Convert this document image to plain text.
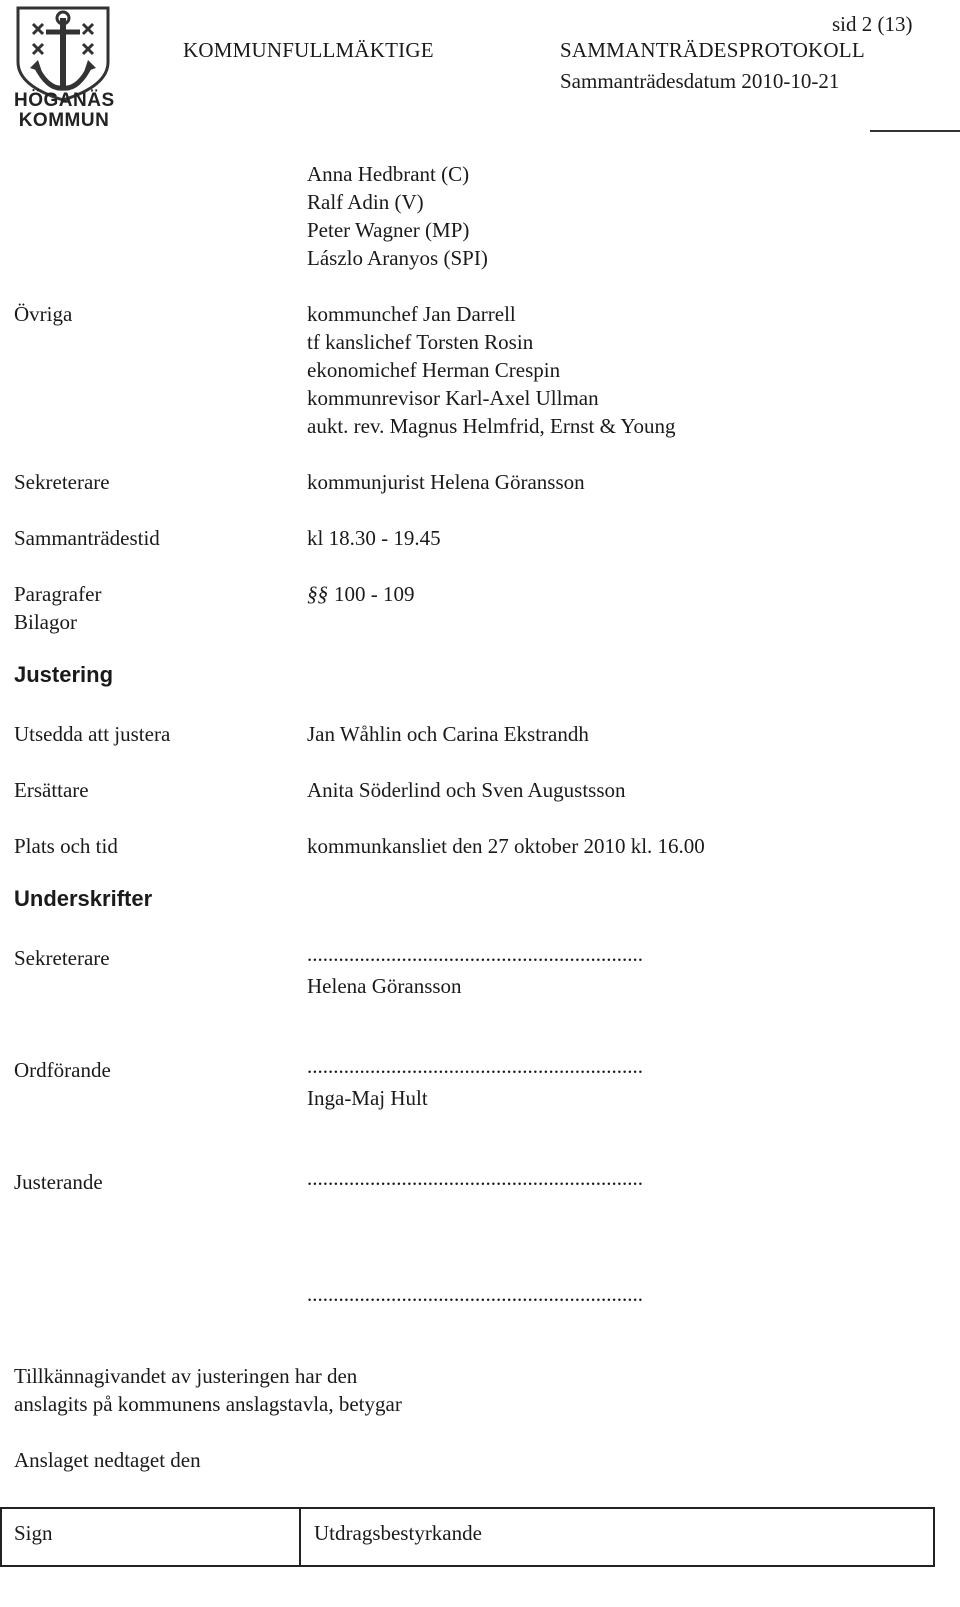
HÖGANÄS
KOMMUN
sid 2 (13)
KOMMUNFULLMÄKTIGE	SAMMANTRÄDESPROTOKOLL
Sammanträdesdatum 2010-10-21
Anna Hedbrant (C)
Ralf Adin (V)
Peter Wagner (MP)
Lászlo Aranyos (SPI)
Övriga	kommunchef Jan Darrell
tf kanslichef Torsten Rosin
ekonomichef Herman Crespin
kommunrevisor Karl-Axel Ullman
aukt. rev. Magnus Helmfrid, Ernst & Young
Sekreterare	kommunjurist Helena Göransson
Sammanträdestid	kl 18.30 - 19.45
Paragrafer	§§ 100 - 109
Bilagor
Justering
Utsedda att justera	Jan Wåhlin och Carina Ekstrandh
Ersättare	Anita Söderlind och Sven Augustsson
Plats och tid	kommunkansliet den 27 oktober 2010 kl. 16.00
Underskrifter
Sekreterare	................................................................
Helena Göransson
Ordförande	................................................................
Inga-Maj Hult
Justerande	................................................................
................................................................
Tillkännagivandet av justeringen har den
anslagits på kommunens anslagstavla, betygar
Anslaget nedtaget den
Sign	Utdragsbestyrkande
